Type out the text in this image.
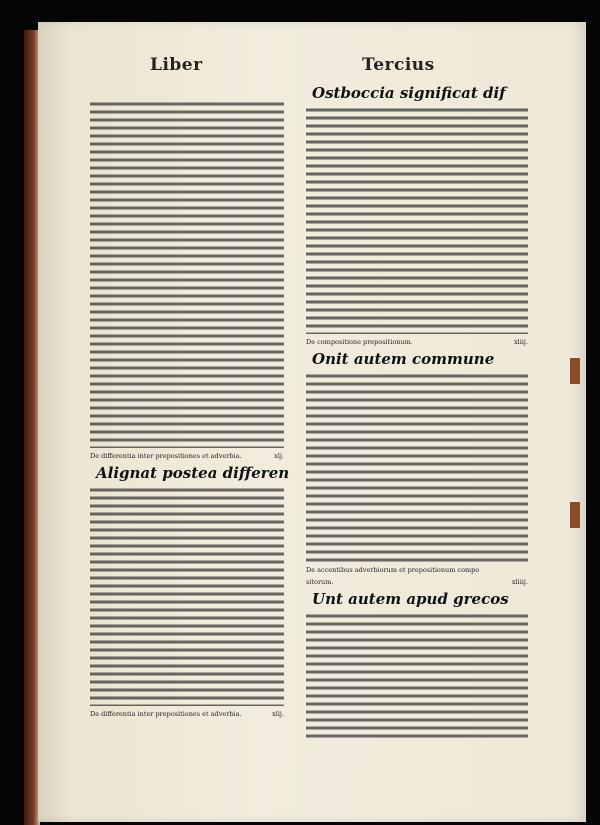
Liber	Tercius
De differentia inter prepositiones et adverbia.	xlj.
Alignat postea differen
De differentia inter prepositiones et adverbia.	xlij.
Ostboccia significat dif
De compositione prepositionum.	xliij.
Onit autem commune
De accentibus adverbiorum et prepositionum compo
sitorum.	xliiij.
Unt autem apud grecos
